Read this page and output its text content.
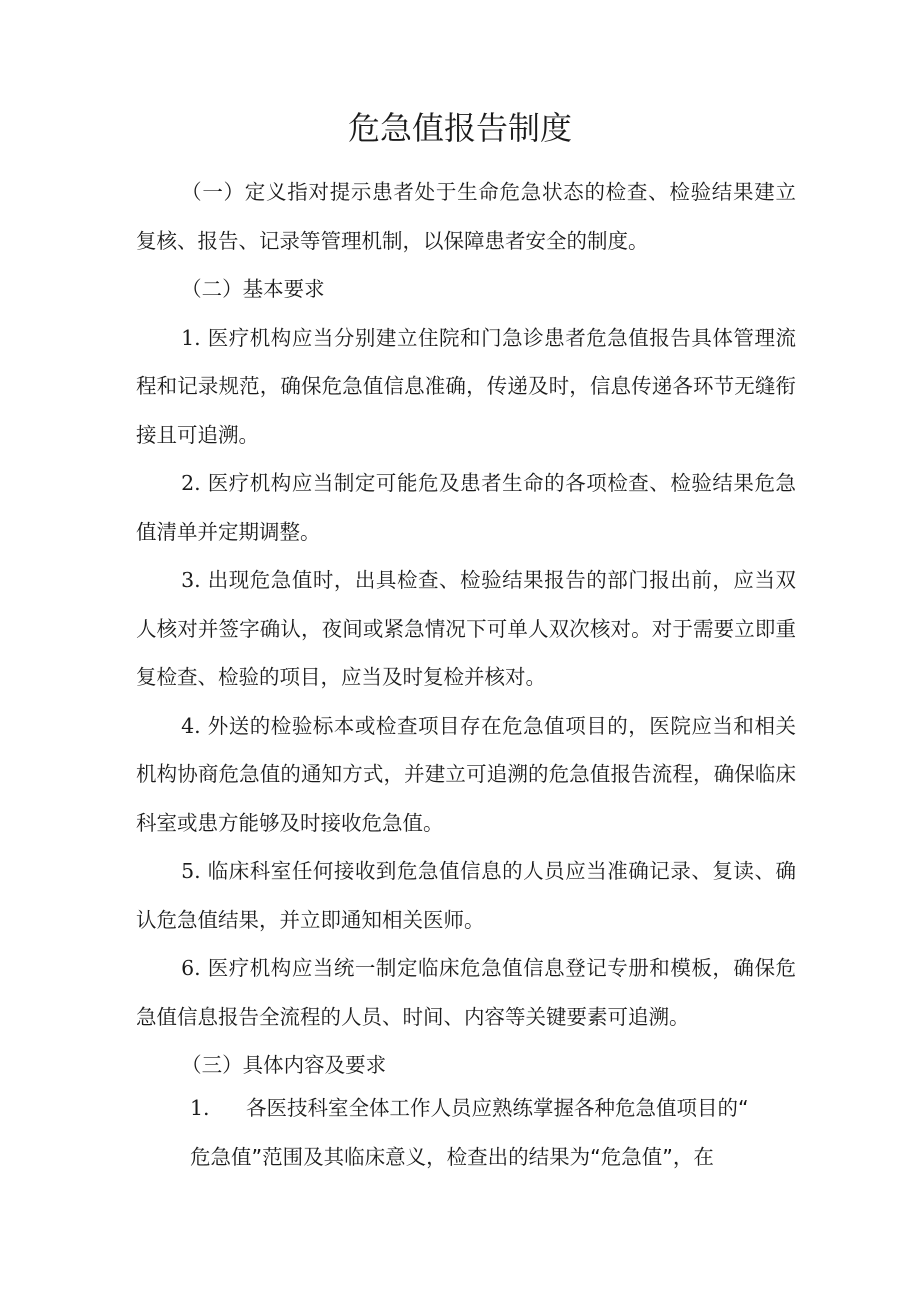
危急值报告制度

（一）定义指对提示患者处于生命危急状态的检查、检验结果建立复核、报告、记录等管理机制，以保障患者安全的制度。

（二）基本要求

1. 医疗机构应当分别建立住院和门急诊患者危急值报告具体管理流程和记录规范，确保危急值信息准确，传递及时，信息传递各环节无缝衔接且可追溯。

2. 医疗机构应当制定可能危及患者生命的各项检查、检验结果危急值清单并定期调整。

3. 出现危急值时，出具检查、检验结果报告的部门报出前，应当双人核对并签字确认，夜间或紧急情况下可单人双次核对。对于需要立即重复检查、检验的项目，应当及时复检并核对。

4. 外送的检验标本或检查项目存在危急值项目的，医院应当和相关机构协商危急值的通知方式，并建立可追溯的危急值报告流程，确保临床科室或患方能够及时接收危急值。

5. 临床科室任何接收到危急值信息的人员应当准确记录、复读、确认危急值结果，并立即通知相关医师。

6. 医疗机构应当统一制定临床危急值信息登记专册和模板，确保危急值信息报告全流程的人员、时间、内容等关键要素可追溯。

（三）具体内容及要求

1. 各医技科室全体工作人员应熟练掌握各种危急值项目的“

危急值”范围及其临床意义，检查出的结果为“危急值”，在
